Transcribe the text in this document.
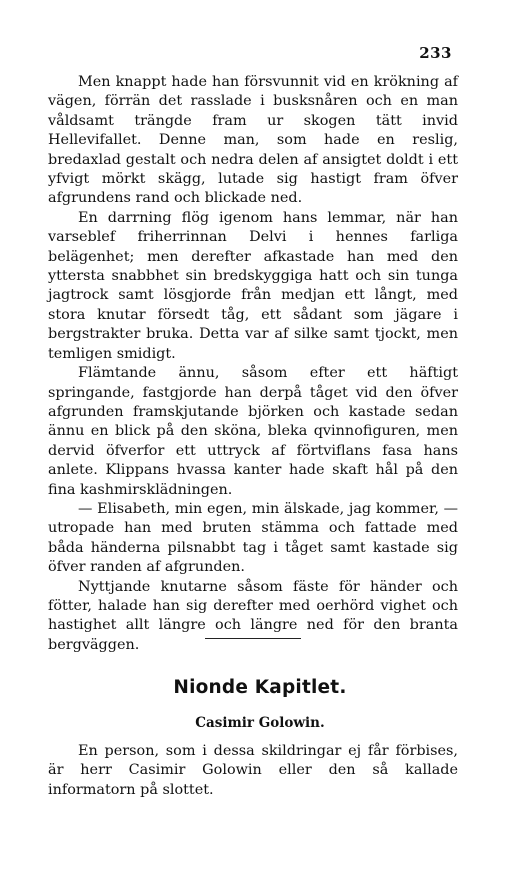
233

Men knappt hade han försvunnit vid en krökning af vägen, förrän det rasslade i busksnåren och en man våldsamt trängde fram ur skogen tätt invid Hellevifallet. Denne man, som hade en reslig, bredaxlad gestalt och nedra delen af ansigtet doldt i ett yfvigt mörkt skägg, lutade sig hastigt fram öfver afgrundens rand och blickade ned.

En darrning flög igenom hans lemmar, när han varseblef friherrinnan Delvi i hennes farliga belägenhet; men derefter afkastade han med den yttersta snabbhet sin bredskyggiga hatt och sin tunga jagtrock samt lösgjorde från medjan ett långt, med stora knutar försedt tåg, ett sådant som jägare i bergstrakter bruka. Detta var af silke samt tjockt, men temligen smidigt.

Flämtande ännu, såsom efter ett häftigt springande, fastgjorde han derpå tåget vid den öfver afgrunden framskjutande björken och kastade sedan ännu en blick på den sköna, bleka qvinnofiguren, men dervid öfverfor ett uttryck af förtviflans fasa hans anlete. Klippans hvassa kanter hade skaft hål på den fina kashmirsklädningen.

— Elisabeth, min egen, min älskade, jag kommer, — utropade han med bruten stämma och fattade med båda händerna pilsnabbt tag i tåget samt kastade sig öfver randen af afgrunden.

Nyttjande knutarne såsom fäste för händer och fötter, halade han sig derefter med oerhörd vighet och hastighet allt längre och längre ned för den branta bergväggen.

Nionde Kapitlet.
Casimir Golowin.

En person, som i dessa skildringar ej får förbises, är herr Casimir Golowin eller den så kallade informatorn på slottet.
